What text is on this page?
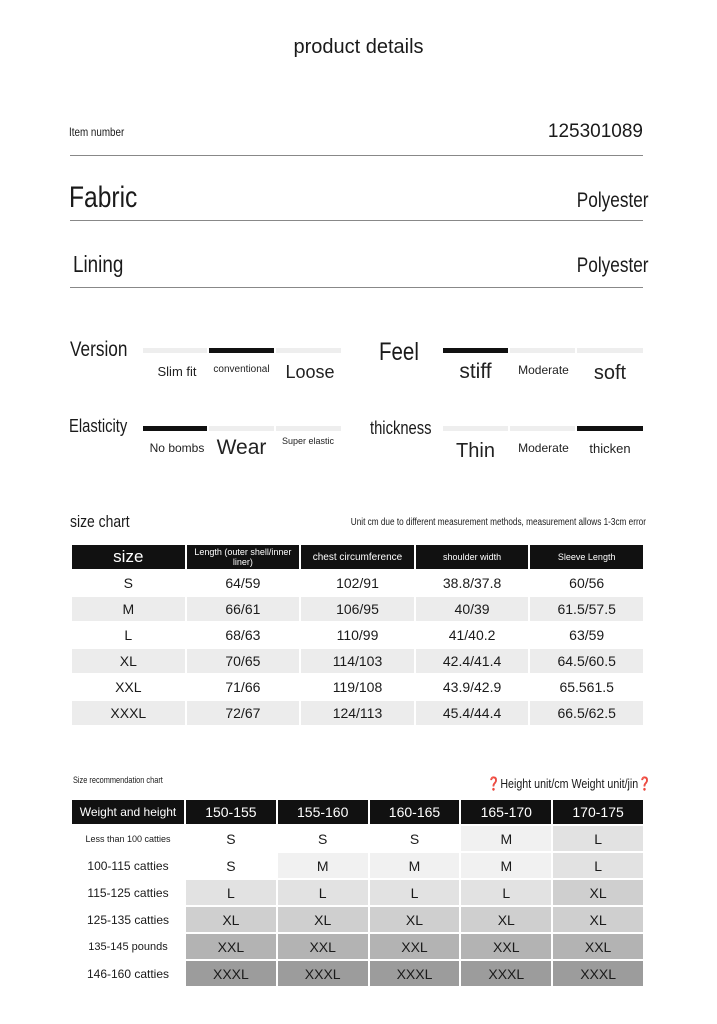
product details
Item number	125301089
Fabric	Polyester
Lining	Polyester
Version
Slim fit	conventional Loose
Feel
stiff	Moderate	soft
Elasticity
No bombs Wear	Super elastic
thickness
Thin	Moderate	thicken
size chart	Unit cm due to different measurement methods, measurement allows 1-3cm error
size	Length (outer shell/inner liner)	chest circumference	shoulder width	Sleeve Length
S	64/59	102/91	38.8/37.8	60/56
M	66/61	106/95	40/39	61.5/57.5
L	68/63	110/99	41/40.2	63/59
XL	70/65	114/103	42.4/41.4	64.5/60.5
XXL	71/66	119/108	43.9/42.9	65.561.5
XXXL	72/67	124/113	45.4/44.4	66.5/62.5
Size recommendation chart	❓Height unit/cm Weight unit/jin❓
Weight and height	150-155	155-160	160-165	165-170	170-175
Less than 100 catties	S	S	S	M	L
100-115 catties	S	M	M	M	L
115-125 catties	L	L	L	L	XL
125-135 catties	XL	XL	XL	XL	XL
135-145 pounds	XXL	XXL	XXL	XXL	XXL
146-160 catties	XXXL	XXXL	XXXL	XXXL	XXXL
